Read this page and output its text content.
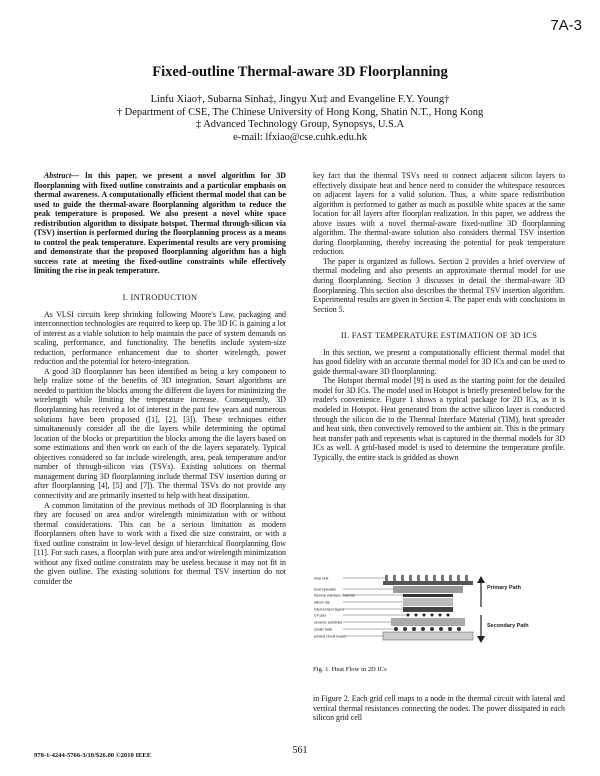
7A-3
Fixed-outline Thermal-aware 3D Floorplanning
Linfu Xiao†, Subarna Sinha‡, Jingyu Xu‡ and Evangeline F.Y. Young†
† Department of CSE, The Chinese University of Hong Kong, Shatin N.T., Hong Kong
‡ Advanced Technology Group, Synopsys, U.S.A
e-mail: lfxiao@cse.cuhk.edu.hk

Abstract— In this paper, we present a novel algorithm for 3D floorplanning with fixed outline constraints and a particular emphasis on thermal awareness. A computationally efficient thermal model that can be used to guide the thermal-aware floorplanning algorithm to reduce the peak temperature is proposed. We also present a novel white space redistribution algorithm to dissipate hotspot. Thermal through-silicon via (TSV) insertion is performed during the floorplanning process as a means to control the peak temperature. Experimental results are very promising and demonstrate that the proposed floorplanning algorithm has a high success rate at meeting the fixed-outline constraints while effectively limiting the rise in peak temperature.

I. INTRODUCTION

As VLSI circuits keep shrinking following Moore's Law, packaging and interconnection technologies are required to keep up. The 3D IC is gaining a lot of interest as a viable solution to help maintain the pace of system demands on scaling, performance, and functionality. The benefits include system-size reduction, performance enhancement due to shorter wirelength, power reduction and the potential for hetero-integration.

A good 3D floorplanner has been identified as being a key component to help realize some of the benefits of 3D integration. Smart algorithms are needed to partition the blocks among the different die layers for minimizing the wirelength while limiting the temperature increase. Consequently, 3D floorplanning has received a lot of interest in the past few years and numerous solutions have been proposed ([1], [2], [3]). These techniques either simultaneously consider all the die layers while determining the optimal location of the blocks or prepartition the blocks among the die layers based on some estimations and then work on each of the die layers separately. Typical objectives considered so far include wirelength, area, peak temperature and/or number of through-silicon vias (TSVs). Existing solutions on thermal management during 3D floorplanning include thermal TSV insertion during or after floorplanning [4], [5] and [7]). The thermal TSVs do not provide any connectivity and are primarily inserted to help with heat dissipation.

A common limitation of the previous methods of 3D floorplanning is that they are focused on area and/or wirelength minimization with or without thermal considerations. This can be a serious limitation as modern floorplanners often have to work with a fixed die size constraint, or with a fixed outline constraint in low-level design of hierarchical floorplanning flow [11]. For such cases, a floorplan with pure area and/or wirelength minimization without any fixed outline constraints may be useless because it may not fit in the given outline. The existing solutions for thermal TSV insertion do not consider the

key fact that the thermal TSVs need to connect adjacent silicon layers to effectively dissipate heat and hence need to consider the whitespace resources on adjacent layers for a valid solution. Thus, a white space redistribution algorithm is performed to gather as much as possible white spaces at the same location for all layers after floorplan realization. In this paper, we address the above issues with a novel thermal-aware fixed-outline 3D floorplanning algorithm. The thermal-aware solution also considers thermal TSV insertion during floorplanning, thereby increasing the potential for peak temperature reduction.

The paper is organized as follows. Section 2 provides a brief overview of thermal modeling and also presents an approximate thermal model for use during floorplanning. Section 3 discusses in detail the thermal-aware 3D floorplanning. This section also describes the thermal TSV insertion algorithm. Experimental results are given in Section 4. The paper ends with conclusions in Section 5.

II. FAST TEMPERATURE ESTIMATION OF 3D ICS

In this section, we present a computationally efficient thermal model that has good fidelity with an accurate thermal model for 3D ICs and can be used to guide thermal-aware 3D floorplanning.

The Hotspot thermal model [9] is used as the starting point for the detailed model for 3D ICs. The model used in Hotspot is briefly presented below for the reader's convenience. Figure 1 shows a typical package for 2D ICs, as it is modeled in Hotspot. Heat generated from the active silicon layer is conducted through the silicon die to the Thermal Interface Material (TIM), heat spreader and heat sink, then convectively removed to the ambient air. This is the primary heat transfer path and represents what is captured in the thermal models for 3D ICs as well. A grid-based model is used to determine the temperature profile. Typically, the entire stack is gridded as shown

heat sink
heat spreader
thermal interface material
silicon die
interconnect layers
C4 pad
ceramic substrate
solder balls
printed circuit board
Primary Path
Secondary Path
Fig. 1. Heat Flow in 2D ICs

in Figure 2. Each grid cell maps to a node in the thermal circuit with lateral and vertical thermal resistances connecting the nodes. The power dissipated in each silicon grid cell

978-1-4244-5766-3/10/$26.00 ©2010 IEEE	561
